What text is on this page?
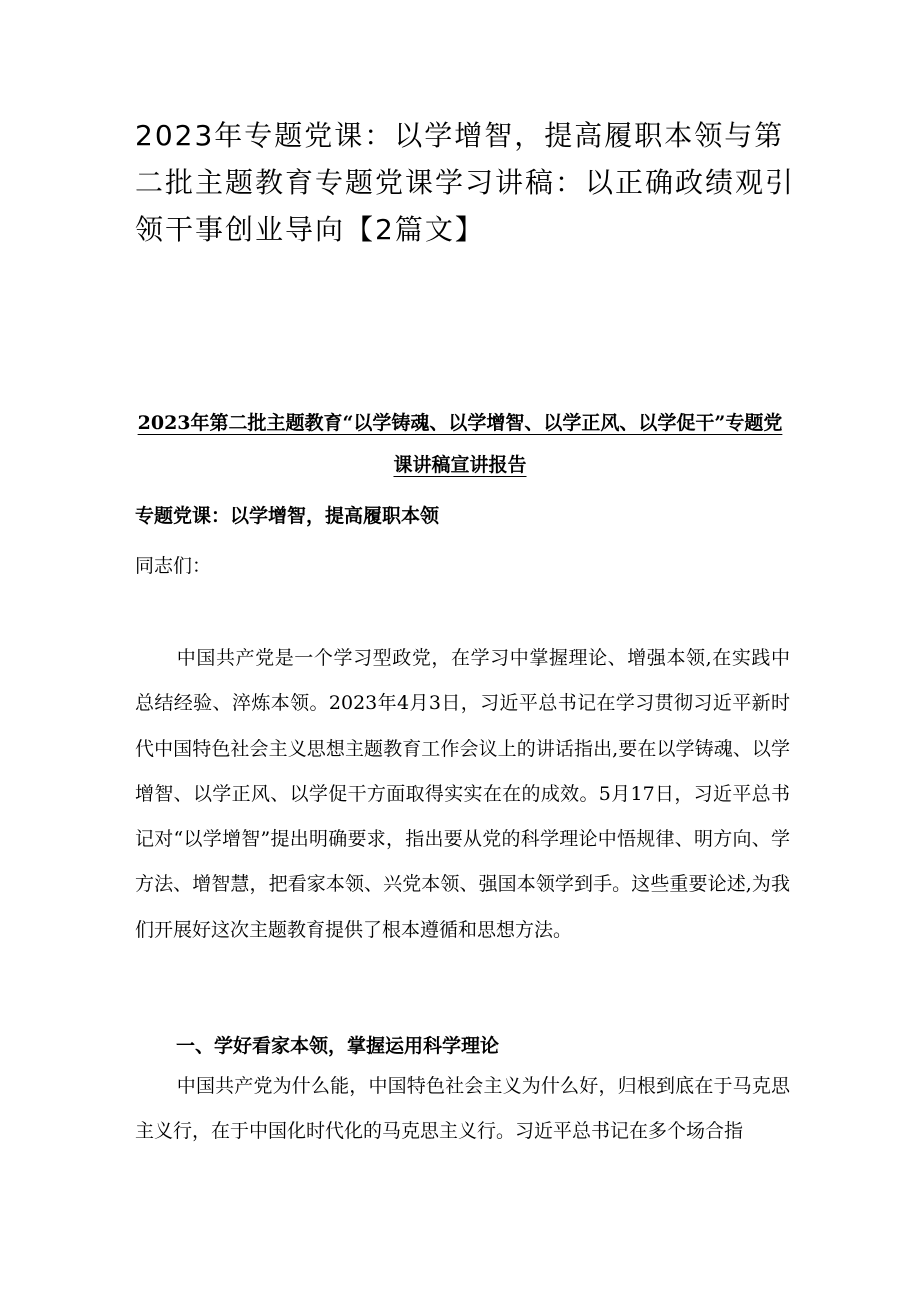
2023年专题党课：以学增智，提高履职本领与第二批主题教育专题党课学习讲稿：以正确政绩观引领干事创业导向【2篇文】
2023年第二批主题教育“以学铸魂、以学增智、以学正风、以学促干”专题党课讲稿宣讲报告

专题党课：以学增智，提高履职本领

同志们：

中国共产党是一个学习型政党，在学习中掌握理论、增强本领,在实践中总结经验、淬炼本领。2023年4月3日，习近平总书记在学习贯彻习近平新时代中国特色社会主义思想主题教育工作会议上的讲话指出,要在以学铸魂、以学增智、以学正风、以学促干方面取得实实在在的成效。5月17日，习近平总书记对“以学增智”提出明确要求，指出要从党的科学理论中悟规律、明方向、学方法、增智慧，把看家本领、兴党本领、强国本领学到手。这些重要论述,为我们开展好这次主题教育提供了根本遵循和思想方法。

一、学好看家本领，掌握运用科学理论

中国共产党为什么能，中国特色社会主义为什么好，归根到底在于马克思主义行，在于中国化时代化的马克思主义行。习近平总书记在多个场合指
